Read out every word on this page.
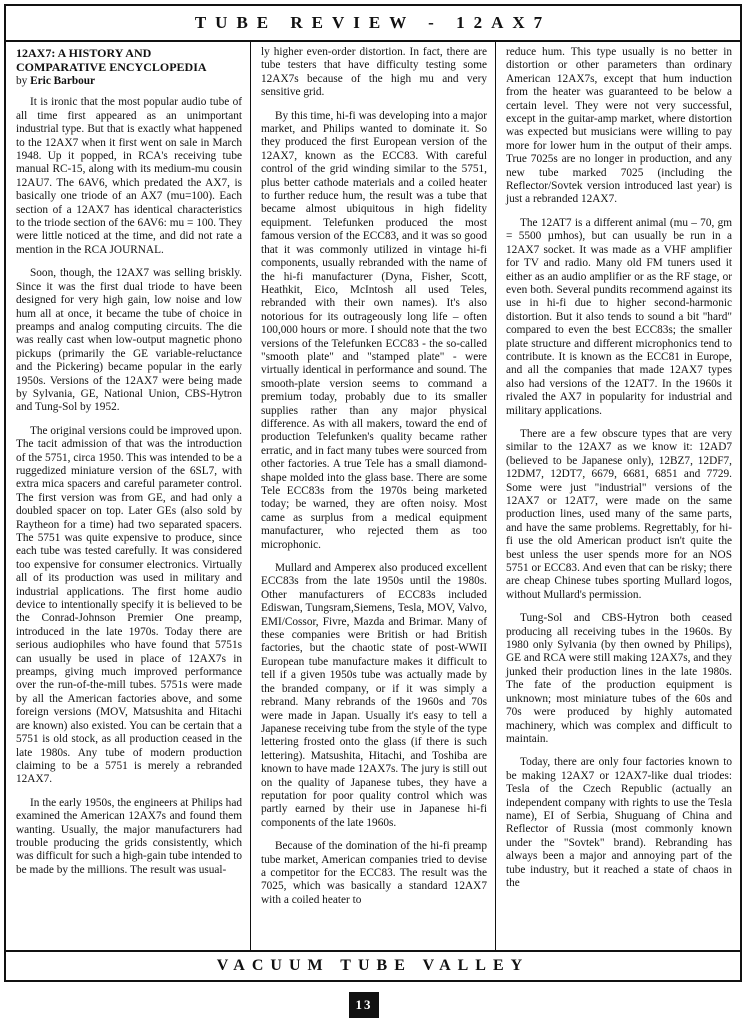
TUBE REVIEW - 12AX7
12AX7: A HISTORY AND COMPARATIVE ENCYCLOPEDIA
by Eric Barbour

It is ironic that the most popular audio tube of all time first appeared as an unimportant industrial type. But that is exactly what happened to the 12AX7 when it first went on sale in March 1948. Up it popped, in RCA's receiving tube manual RC-15, along with its medium-mu cousin 12AU7. The 6AV6, which predated the AX7, is basically one triode of an AX7 (mu=100). Each section of a 12AX7 has identical characteristics to the triode section of the 6AV6: mu = 100. They were little noticed at the time, and did not rate a mention in the RCA JOURNAL.

Soon, though, the 12AX7 was selling briskly. Since it was the first dual triode to have been designed for very high gain, low noise and low hum all at once, it became the tube of choice in preamps and analog computing circuits. The die was really cast when low-output magnetic phono pickups (primarily the GE variable-reluctance and the Pickering) became popular in the early 1950s. Versions of the 12AX7 were being made by Sylvania, GE, National Union, CBS-Hytron and Tung-Sol by 1952.

The original versions could be improved upon. The tacit admission of that was the introduction of the 5751, circa 1950. This was intended to be a ruggedized miniature version of the 6SL7, with extra mica spacers and careful parameter control. The first version was from GE, and had only a doubled spacer on top. Later GEs (also sold by Raytheon for a time) had two separated spacers. The 5751 was quite expensive to produce, since each tube was tested carefully. It was considered too expensive for consumer electronics. Virtually all of its production was used in military and industrial applications. The first home audio device to intentionally specify it is believed to be the Conrad-Johnson Premier One preamp, introduced in the late 1970s. Today there are serious audiophiles who have found that 5751s can usually be used in place of 12AX7s in preamps, giving much improved performance over the run-of-the-mill tubes. 5751s were made by all the American factories above, and some foreign versions (MOV, Matsushita and Hitachi are known) also existed. You can be certain that a 5751 is old stock, as all production ceased in the late 1980s. Any tube of modern production claiming to be a 5751 is merely a rebranded 12AX7.

In the early 1950s, the engineers at Philips had examined the American 12AX7s and found them wanting. Usually, the major manufacturers had trouble producing the grids consistently, which was difficult for such a high-gain tube intended to be made by the millions. The result was usual-

ly higher even-order distortion. In fact, there are tube testers that have difficulty testing some 12AX7s because of the high mu and very sensitive grid.

By this time, hi-fi was developing into a major market, and Philips wanted to dominate it. So they produced the first European version of the 12AX7, known as the ECC83. With careful control of the grid winding similar to the 5751, plus better cathode materials and a coiled heater to further reduce hum, the result was a tube that became almost ubiquitous in high fidelity equipment. Telefunken produced the most famous version of the ECC83, and it was so good that it was commonly utilized in vintage hi-fi components, usually rebranded with the name of the hi-fi manufacturer (Dyna, Fisher, Scott, Heathkit, Eico, McIntosh all used Teles, rebranded with their own names). It's also notorious for its outrageously long life – often 100,000 hours or more. I should note that the two versions of the Telefunken ECC83 - the so-called "smooth plate" and "stamped plate" - were virtually identical in performance and sound. The smooth-plate version seems to command a premium today, probably due to its smaller supplies rather than any major physical difference. As with all makers, toward the end of production Telefunken's quality became rather erratic, and in fact many tubes were sourced from other factories. A true Tele has a small diamond-shape molded into the glass base. There are some Tele ECC83s from the 1970s being marketed today; be warned, they are often noisy. Most came as surplus from a medical equipment manufacturer, who rejected them as too microphonic.

Mullard and Amperex also produced excellent ECC83s from the late 1950s until the 1980s. Other manufacturers of ECC83s included Ediswan, Tungsram,Siemens, Tesla, MOV, Valvo, EMI/Cossor, Fivre, Mazda and Brimar. Many of these companies were British or had British factories, but the chaotic state of post-WWII European tube manufacture makes it difficult to tell if a given 1950s tube was actually made by the branded company, or if it was simply a rebrand. Many rebrands of the 1960s and 70s were made in Japan. Usually it's easy to tell a Japanese receiving tube from the style of the type lettering frosted onto the glass (if there is such lettering). Matsushita, Hitachi, and Toshiba are known to have made 12AX7s. The jury is still out on the quality of Japanese tubes, they have a reputation for poor quality control which was partly earned by their use in Japanese hi-fi components of the late 1960s.

Because of the domination of the hi-fi preamp tube market, American companies tried to devise a competitor for the ECC83. The result was the 7025, which was basically a standard 12AX7 with a coiled heater to

reduce hum. This type usually is no better in distortion or other parameters than ordinary American 12AX7s, except that hum induction from the heater was guaranteed to be below a certain level. They were not very successful, except in the guitar-amp market, where distortion was expected but musicians were willing to pay more for lower hum in the output of their amps. True 7025s are no longer in production, and any new tube marked 7025 (including the Reflector/Sovtek version introduced last year) is just a rebranded 12AX7.

The 12AT7 is a different animal (mu – 70, gm = 5500 µmhos), but can usually be run in a 12AX7 socket. It was made as a VHF amplifier for TV and radio. Many old FM tuners used it either as an audio amplifier or as the RF stage, or even both. Several pundits recommend against its use in hi-fi due to higher second-harmonic distortion. But it also tends to sound a bit "hard" compared to even the best ECC83s; the smaller plate structure and different microphonics tend to contribute. It is known as the ECC81 in Europe, and all the companies that made 12AX7 types also had versions of the 12AT7. In the 1960s it rivaled the AX7 in popularity for industrial and military applications.

There are a few obscure types that are very similar to the 12AX7 as we know it: 12AD7 (believed to be Japanese only), 12BZ7, 12DF7, 12DM7, 12DT7, 6679, 6681, 6851 and 7729. Some were just "industrial" versions of the 12AX7 or 12AT7, were made on the same production lines, used many of the same parts, and have the same problems. Regrettably, for hi-fi use the old American product isn't quite the best unless the user spends more for an NOS 5751 or ECC83. And even that can be risky; there are cheap Chinese tubes sporting Mullard logos, without Mullard's permission.

Tung-Sol and CBS-Hytron both ceased producing all receiving tubes in the 1960s. By 1980 only Sylvania (by then owned by Philips), GE and RCA were still making 12AX7s, and they junked their production lines in the late 1980s. The fate of the production equipment is unknown; most miniature tubes of the 60s and 70s were produced by highly automated machinery, which was complex and difficult to maintain.

Today, there are only four factories known to be making 12AX7 or 12AX7-like dual triodes: Tesla of the Czech Republic (actually an independent company with rights to use the Tesla name), EI of Serbia, Shuguang of China and Reflector of Russia (most commonly known under the "Sovtek" brand). Rebranding has always been a major and annoying part of the tube industry, but it reached a state of chaos in the

VACUUM TUBE VALLEY
13
